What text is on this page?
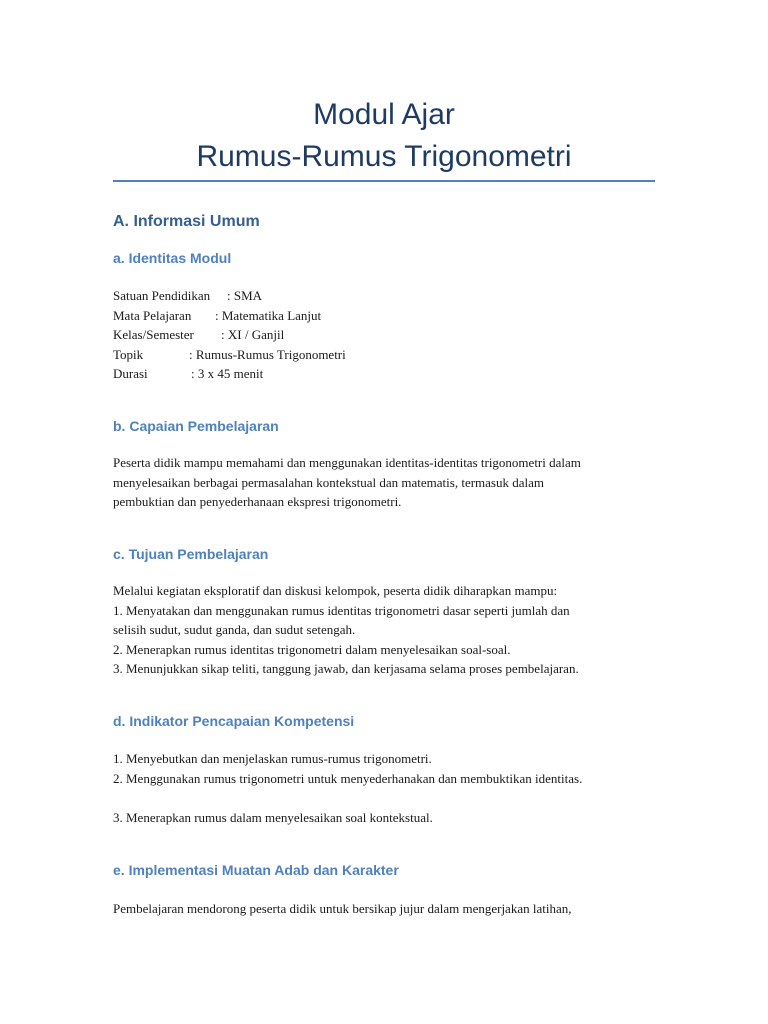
Modul Ajar
Rumus-Rumus Trigonometri
A. Informasi Umum
a. Identitas Modul
Satuan Pendidikan : SMA
Mata Pelajaran : Matematika Lanjut
Kelas/Semester : XI / Ganjil
Topik	: Rumus-Rumus Trigonometri
Durasi	: 3 x 45 menit
b. Capaian Pembelajaran
Peserta didik mampu memahami dan menggunakan identitas-identitas trigonometri dalam
menyelesaikan berbagai permasalahan kontekstual dan matematis, termasuk dalam
pembuktian dan penyederhanaan ekspresi trigonometri.
c. Tujuan Pembelajaran
Melalui kegiatan eksploratif dan diskusi kelompok, peserta didik diharapkan mampu:
1. Menyatakan dan menggunakan rumus identitas trigonometri dasar seperti jumlah dan
selisih sudut, sudut ganda, dan sudut setengah.
2. Menerapkan rumus identitas trigonometri dalam menyelesaikan soal-soal.
3. Menunjukkan sikap teliti, tanggung jawab, dan kerjasama selama proses pembelajaran.
d. Indikator Pencapaian Kompetensi
1. Menyebutkan dan menjelaskan rumus-rumus trigonometri.
2. Menggunakan rumus trigonometri untuk menyederhanakan dan membuktikan identitas.
3. Menerapkan rumus dalam menyelesaikan soal kontekstual.
e. Implementasi Muatan Adab dan Karakter
Pembelajaran mendorong peserta didik untuk bersikap jujur dalam mengerjakan latihan,
